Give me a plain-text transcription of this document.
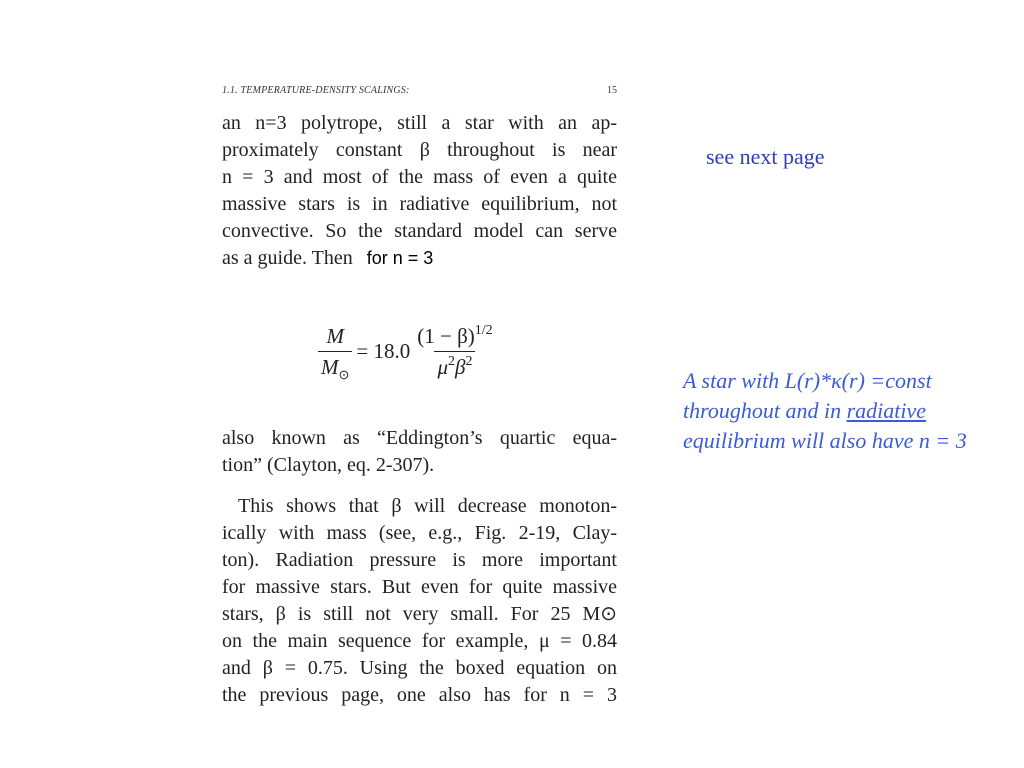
1.1. TEMPERATURE-DENSITY SCALINGS:	15
an n=3 polytrope, still a star with an ap-
proximately constant β throughout is near
n = 3 and most of the mass of even a quite
massive stars is in radiative equilibrium, not
convective. So the standard model can serve
as a guide. Then for n = 3
$\frac{M}{M_⊙} = 18.0 \frac{(1 - \beta)^{1/2}}{\mu^2\beta^2}$
also known as “Eddington’s quartic equa-
tion” (Clayton, eq. 2-307).
This shows that β will decrease monoton-
ically with mass (see, e.g., Fig. 2-19, Clay-
ton). Radiation pressure is more important
for massive stars. But even for quite massive
stars, β is still not very small. For 25 M⊙
on the main sequence for example, μ = 0.84
and β = 0.75. Using the boxed equation on
the previous page, one also has for n = 3
see next page
A star with L(r)*κ(r) =const
throughout and in radiative
equilibrium will also have n = 3
